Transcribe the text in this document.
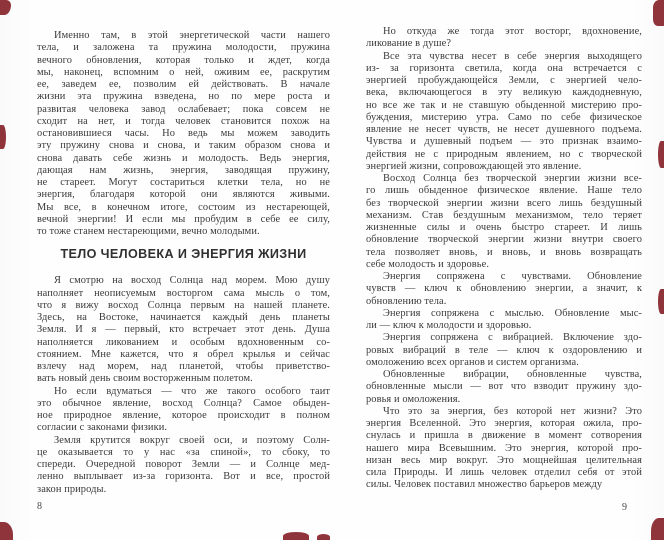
Именно там, в этой энергетической части нашего
тела, и заложена та пружина молодости, пружина
вечного обновления, которая только и ждет, когда
мы, наконец, вспомним о ней, оживим ее, раскрутим
ее, заведем ее, позволим ей действовать. В начале
жизни эта пружина взведена, но по мере роста и
развитая человека завод ослабевает; пока совсем не
сходит на нет, и тогда человек становится похож на
остановившиеся часы. Но ведь мы можем заводить
эту пружину снова и снова, и таким образом снова и
снова давать себе жизнь и молодость. Ведь энергия,
дающая нам жизнь, энергия, заводящая пружину,
не стареет. Могут состариться клетки тела, но не
энергия, благодаря которой они являются живыми.
Мы все, в конечном итоге, состоим из нестареющей,
вечной энергии! И если мы пробудим в себе ее силу,
то тоже станем нестареющими, вечно молодыми.
ТЕЛО ЧЕЛОВЕКА И ЭНЕРГИЯ ЖИЗНИ
Я смотрю на восход Солнца над морем. Мою душу
наполняет неописуемым восторгом сама мысль о том,
что я вижу восход Солнца первым на нашей планете.
Здесь, на Востоке, начинается каждый день планеты
Земля. И я — первый, кто встречает этот день. Душа
наполняется ликованием и особым вдохновенным со-
стоянием. Мне кажется, что я обрел крылья и сейчас
взлечу над морем, над планетой, чтобы приветство-
вать новый день своим восторженным полетом.
Но если вдуматься — что же такого особого таит
это обычное явление, восход Солнца? Самое обыден-
ное природное явление, которое происходит в полном
согласии с законами физики.
Земля крутится вокруг своей оси, и поэтому Солн-
це оказывается то у нас «за спиной», то сбоку, то
спереди. Очередной поворот Земли — и Солнце мед-
ленно выплывает из-за горизонта. Вот и все, простой
закон природы.
Но откуда же тогда этот восторг, вдохновение,
ликование в душе?
Все эта чувства несет в себе энергия выходящего
из- за горизонта светила, когда она встречается с
энергией пробуждающейся Земли, с энергией чело-
века, включающегося в эту великую каждодневную,
но все же так и не ставшую обыденной мистерию про-
буждения, мистерию утра. Само по себе физическое
явление не несет чувств, не несет душевного подъема.
Чувства и душевный подъем — это признак взаимо-
действия не с природным явлением, но с творческой
энергией жизни, сопровождающей это явление.
Восход Солнца без творческой энергии жизни все-
го лишь обыденное физическое явление. Наше тело
без творческой энергии жизни всего лишь бездушный
механизм. Став бездушным механизмом, тело теряет
жизненные силы и очень быстро стареет. И лишь
обновление творческой энергии жизни внутри своего
тела позволяет вновь, и вновь, и вновь возвращать
себе молодость и здоровье.
Энергия сопряжена с чувствами. Обновление
чувств — ключ к обновлению энергии, а значит, к
обновлению тела.
Энергия сопряжена с мыслью. Обновление мыс-
ли — ключ к молодости и здоровью.
Энергия сопряжена с вибрацией. Включение здо-
ровых вибраций в теле — ключ к оздоровлению и
омоложению всех органов и систем организма.
Обновленные вибрации, обновленные чувства,
обновленные мысли — вот что взводит пружину здо-
ровья и омоложения.
Что это за энергия, без которой нет жизни? Это
энергия Вселенной. Это энергия, которая ожила, про-
снулась и пришла в движение в момент сотворения
нашего мира Всевышним. Это энергия, которой про-
низан весь мир вокруг. Это мощнейшая целительная
сила Природы. И лишь человек отделил себя от этой
силы. Человек поставил множество барьеров между
8	9
